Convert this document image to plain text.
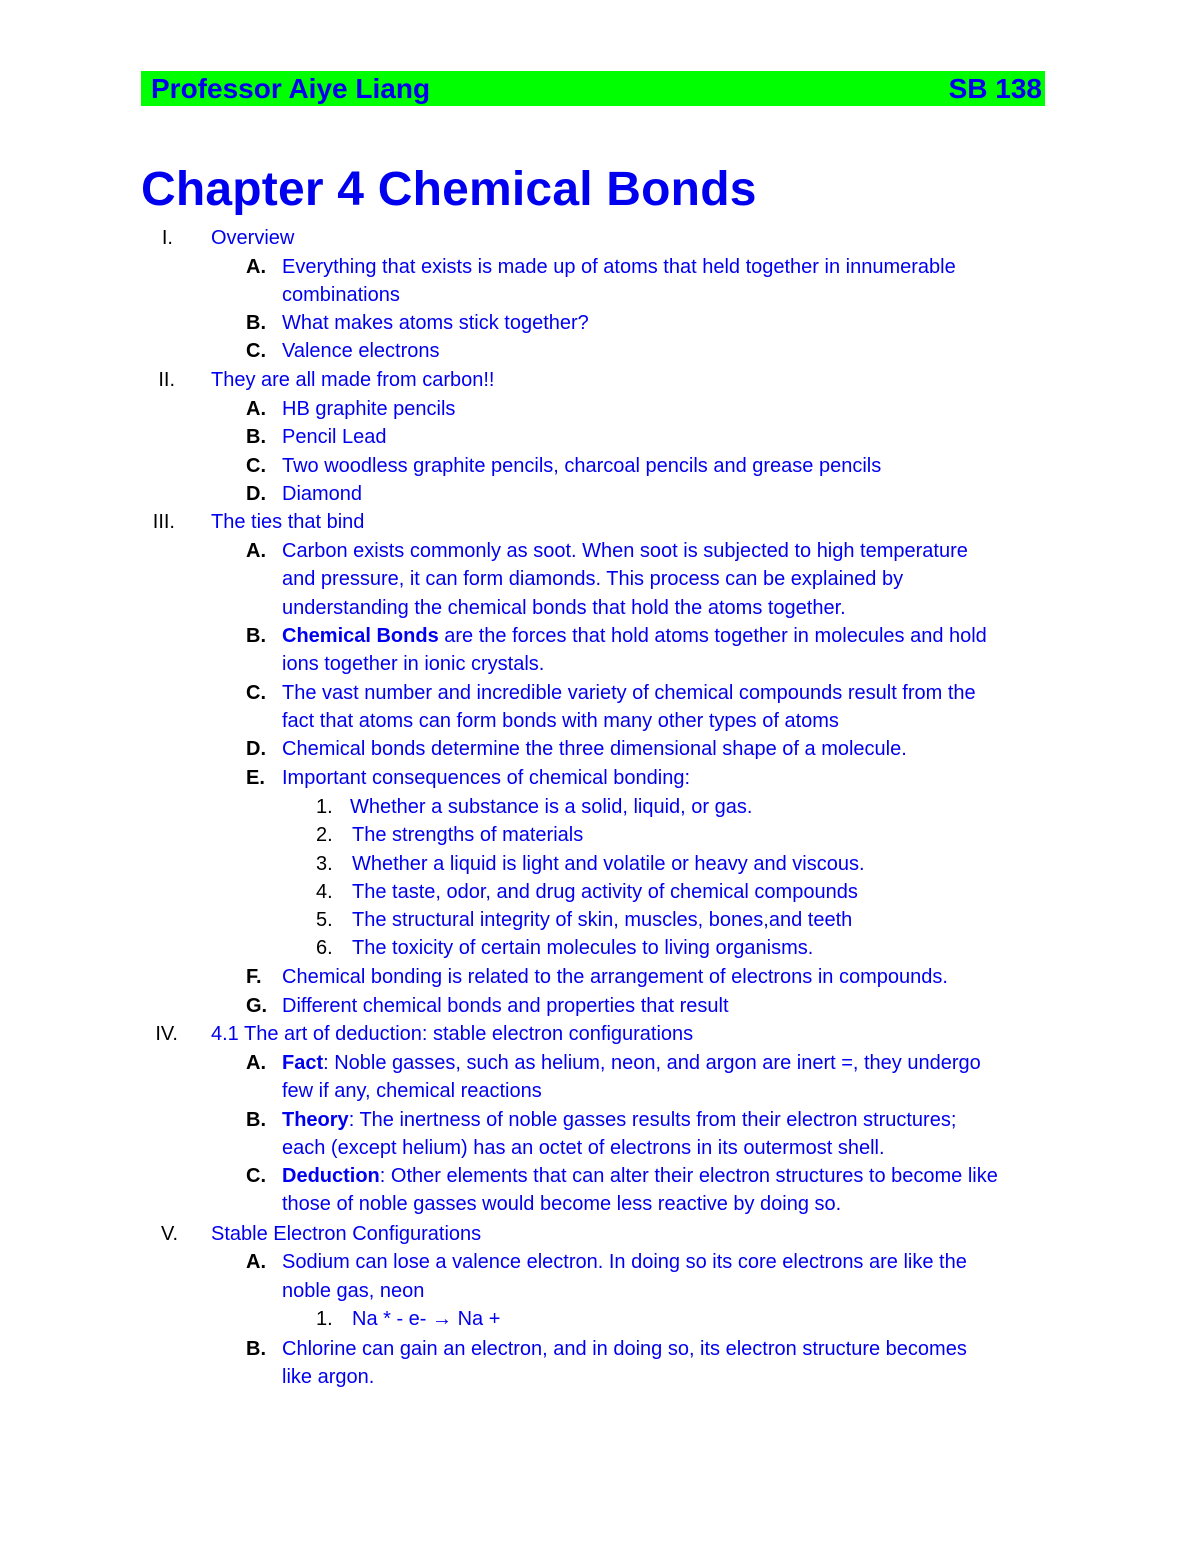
Professor Aiye Liang	SB 138
Chapter 4 Chemical Bonds
I. Overview
A. Everything that exists is made up of atoms that held together in innumerable
combinations
B. What makes atoms stick together?
C. Valence electrons
II. They are all made from carbon!!
A. HB graphite pencils
B. Pencil Lead
C. Two woodless graphite pencils, charcoal pencils and grease pencils
D. Diamond
III. The ties that bind
A. Carbon exists commonly as soot. When soot is subjected to high temperature
and pressure, it can form diamonds. This process can be explained by
understanding the chemical bonds that hold the atoms together.
B. Chemical Bonds are the forces that hold atoms together in molecules and hold
ions together in ionic crystals.
C. The vast number and incredible variety of chemical compounds result from the
fact that atoms can form bonds with many other types of atoms
D. Chemical bonds determine the three dimensional shape of a molecule.
E. Important consequences of chemical bonding:
1. Whether a substance is a solid, liquid, or gas.
2. The strengths of materials
3. Whether a liquid is light and volatile or heavy and viscous.
4. The taste, odor, and drug activity of chemical compounds
5. The structural integrity of skin, muscles, bones,and teeth
6. The toxicity of certain molecules to living organisms.
F. Chemical bonding is related to the arrangement of electrons in compounds.
G. Different chemical bonds and properties that result
IV. 4.1 The art of deduction: stable electron configurations
A. Fact: Noble gasses, such as helium, neon, and argon are inert =, they undergo
few if any, chemical reactions
B. Theory: The inertness of noble gasses results from their electron structures;
each (except helium) has an octet of electrons in its outermost shell.
C. Deduction: Other elements that can alter their electron structures to become like
those of noble gasses would become less reactive by doing so.
V. Stable Electron Configurations
A. Sodium can lose a valence electron. In doing so its core electrons are like the
noble gas, neon
1. Na * - e- → Na +
B. Chlorine can gain an electron, and in doing so, its electron structure becomes
like argon.
